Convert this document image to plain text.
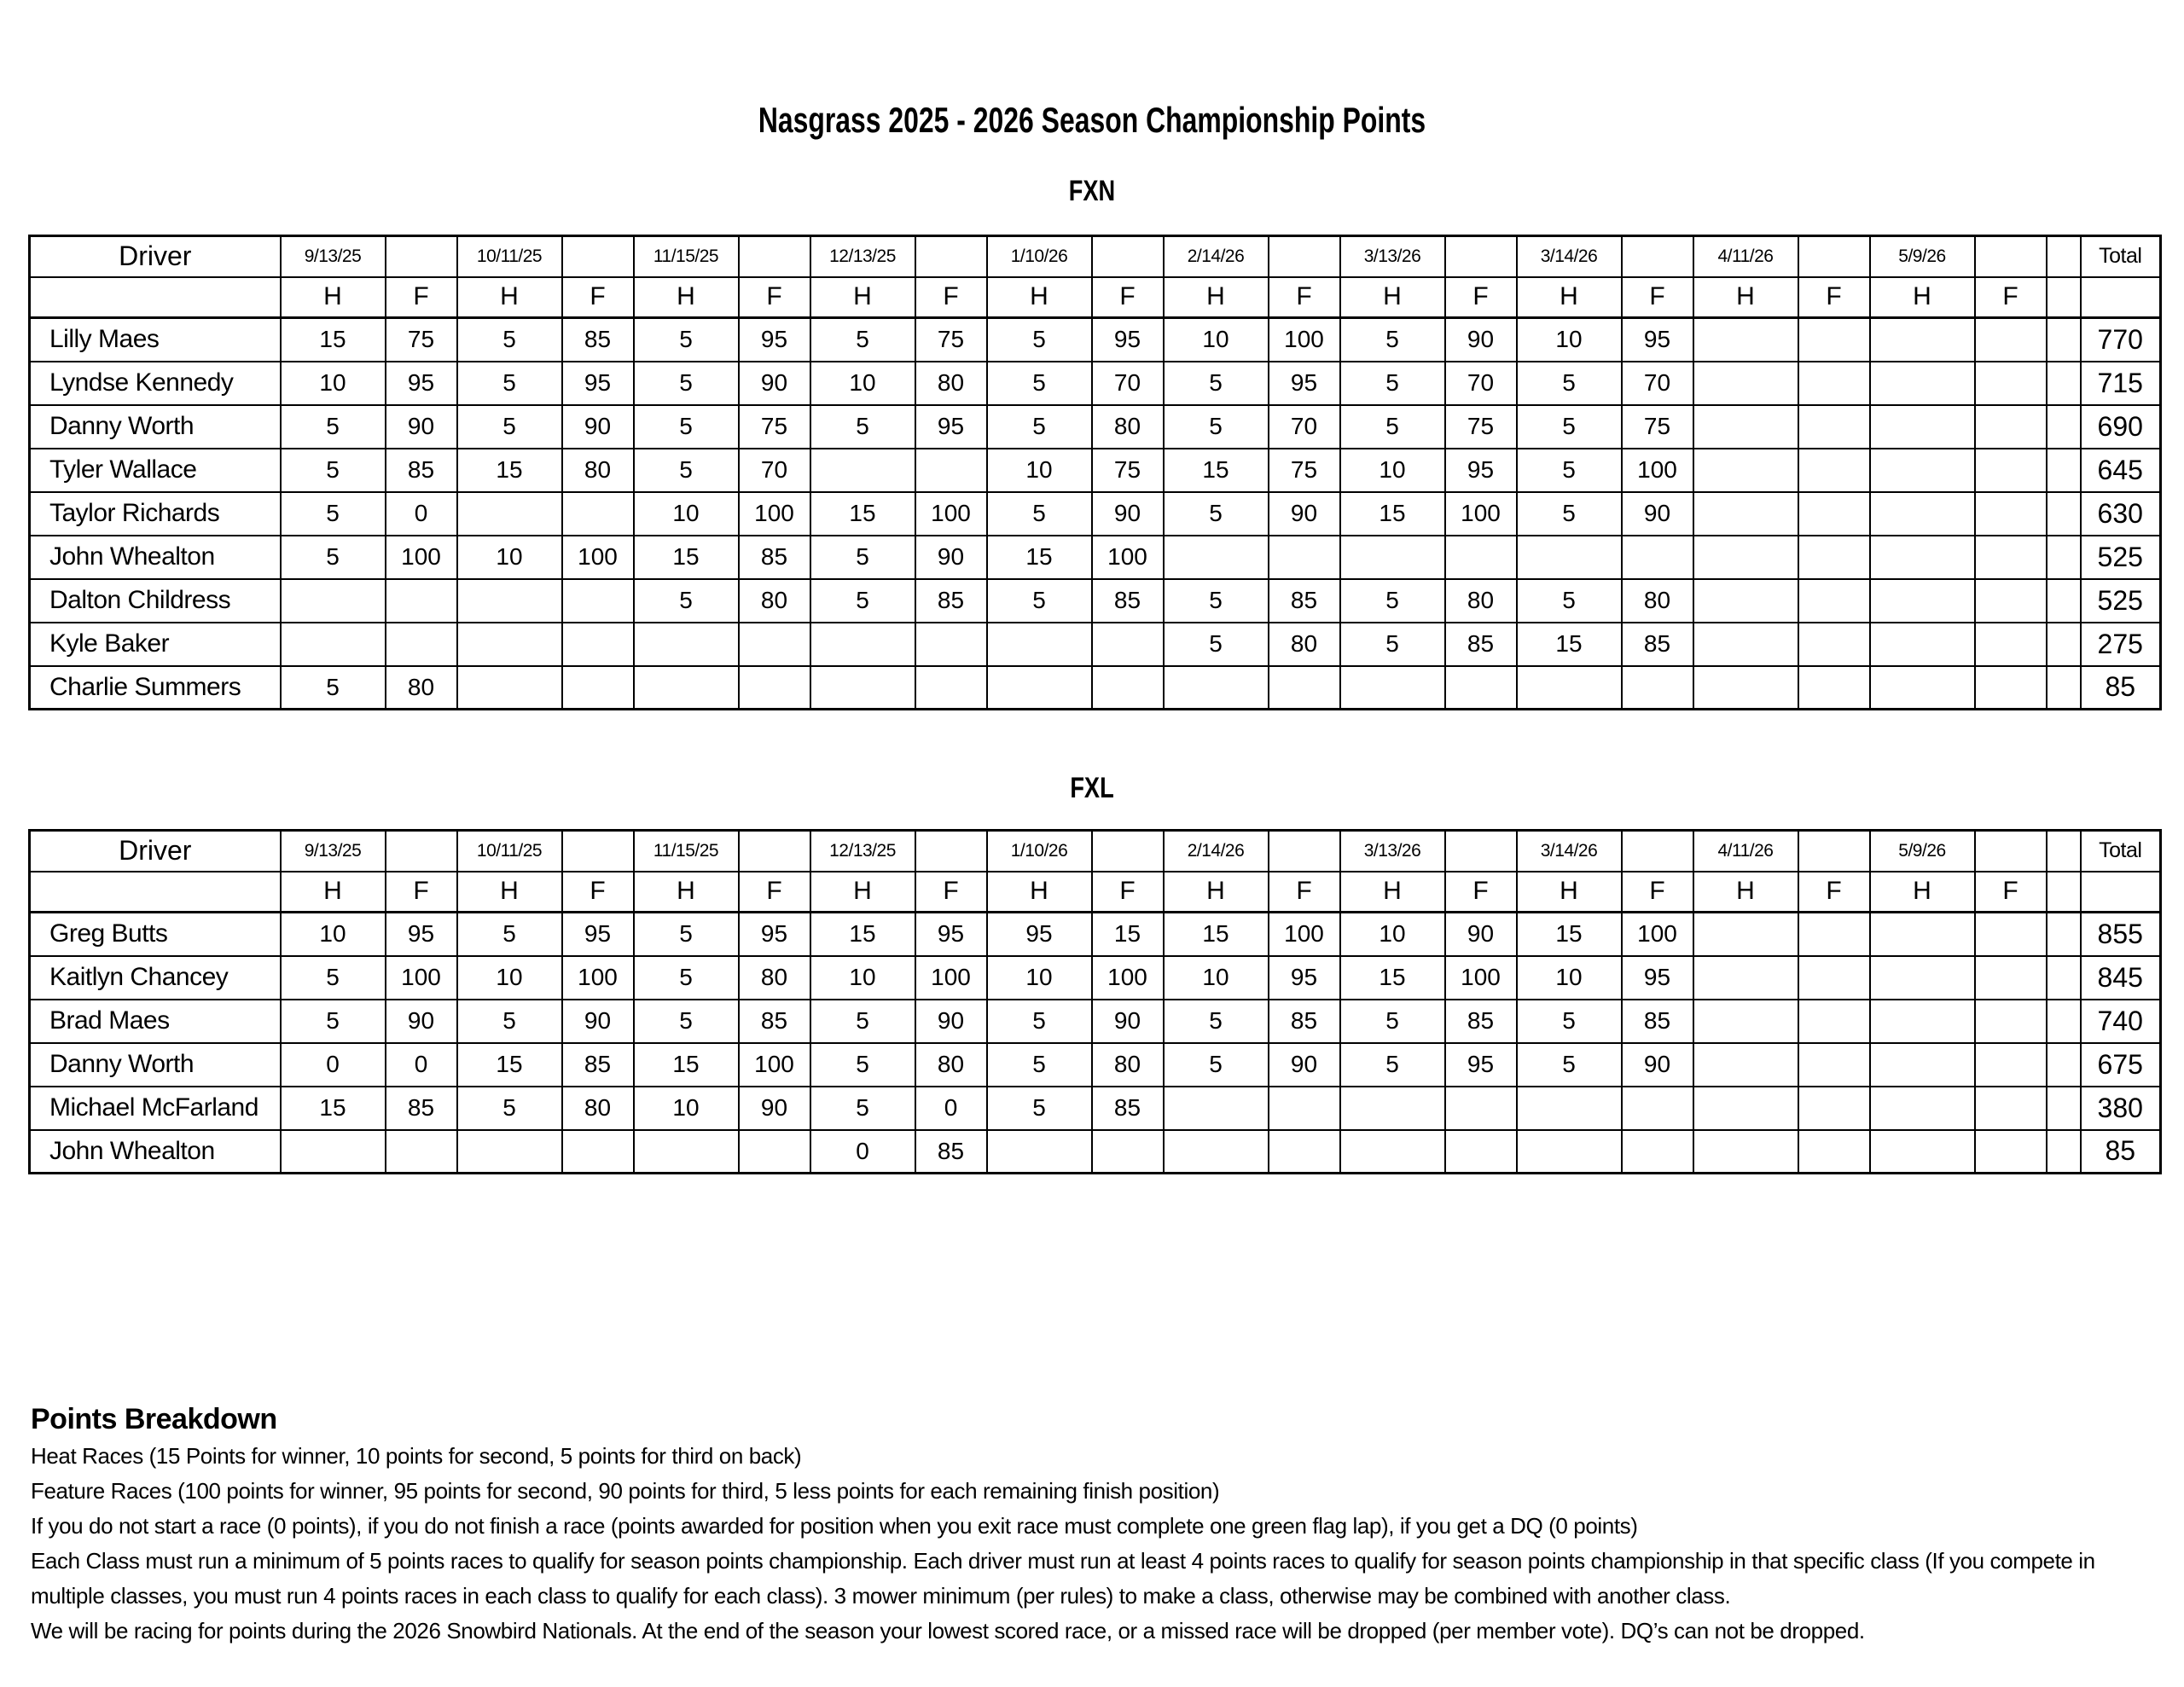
Nasgrass 2025 - 2026 Season Championship Points
FXN
Driver	9/13/25		10/11/25		11/15/25		12/13/25		1/10/26		2/14/26		3/13/26		3/14/26		4/11/26		5/9/26			Total
	H	F	H	F	H	F	H	F	H	F	H	F	H	F	H	F	H	F	H	F		
Lilly Maes	15	75	5	85	5	95	5	75	5	95	10	100	5	90	10	95						770
Lyndse Kennedy	10	95	5	95	5	90	10	80	5	70	5	95	5	70	5	70						715
Danny Worth	5	90	5	90	5	75	5	95	5	80	5	70	5	75	5	75						690
Tyler Wallace	5	85	15	80	5	70			10	75	15	75	10	95	5	100						645
Taylor Richards	5	0			10	100	15	100	5	90	5	90	15	100	5	90						630
John Whealton	5	100	10	100	15	85	5	90	15	100												525
Dalton Childress					5	80	5	85	5	85	5	85	5	80	5	80						525
Kyle Baker											5	80	5	85	15	85						275
Charlie Summers	5	80																				85
FXL
Driver	9/13/25		10/11/25		11/15/25		12/13/25		1/10/26		2/14/26		3/13/26		3/14/26		4/11/26		5/9/26			Total
	H	F	H	F	H	F	H	F	H	F	H	F	H	F	H	F	H	F	H	F		
Greg Butts	10	95	5	95	5	95	15	95	95	15	15	100	10	90	15	100						855
Kaitlyn Chancey	5	100	10	100	5	80	10	100	10	100	10	95	15	100	10	95						845
Brad Maes	5	90	5	90	5	85	5	90	5	90	5	85	5	85	5	85						740
Danny Worth	0	0	15	85	15	100	5	80	5	80	5	90	5	95	5	90						675
Michael McFarland	15	85	5	80	10	90	5	0	5	85												380
John Whealton							0	85														85
Points Breakdown
Heat Races (15 Points for winner, 10 points for second, 5 points for third on back)
Feature Races (100 points for winner, 95 points for second, 90 points for third, 5 less points for each remaining finish position)
If you do not start a race (0 points), if you do not finish a race (points awarded for position when you exit race must complete one green flag lap), if you get a DQ (0 points)
Each Class must run a minimum of 5 points races to qualify for season points championship. Each driver must run at least 4 points races to qualify for season points championship in that specific class (If you compete in multiple classes, you must run 4 points races in each class to qualify for each class). 3 mower minimum (per rules) to make a class, otherwise may be combined with another class.
We will be racing for points during the 2026 Snowbird Nationals. At the end of the season your lowest scored race, or a missed race will be dropped (per member vote). DQ’s can not be dropped.
